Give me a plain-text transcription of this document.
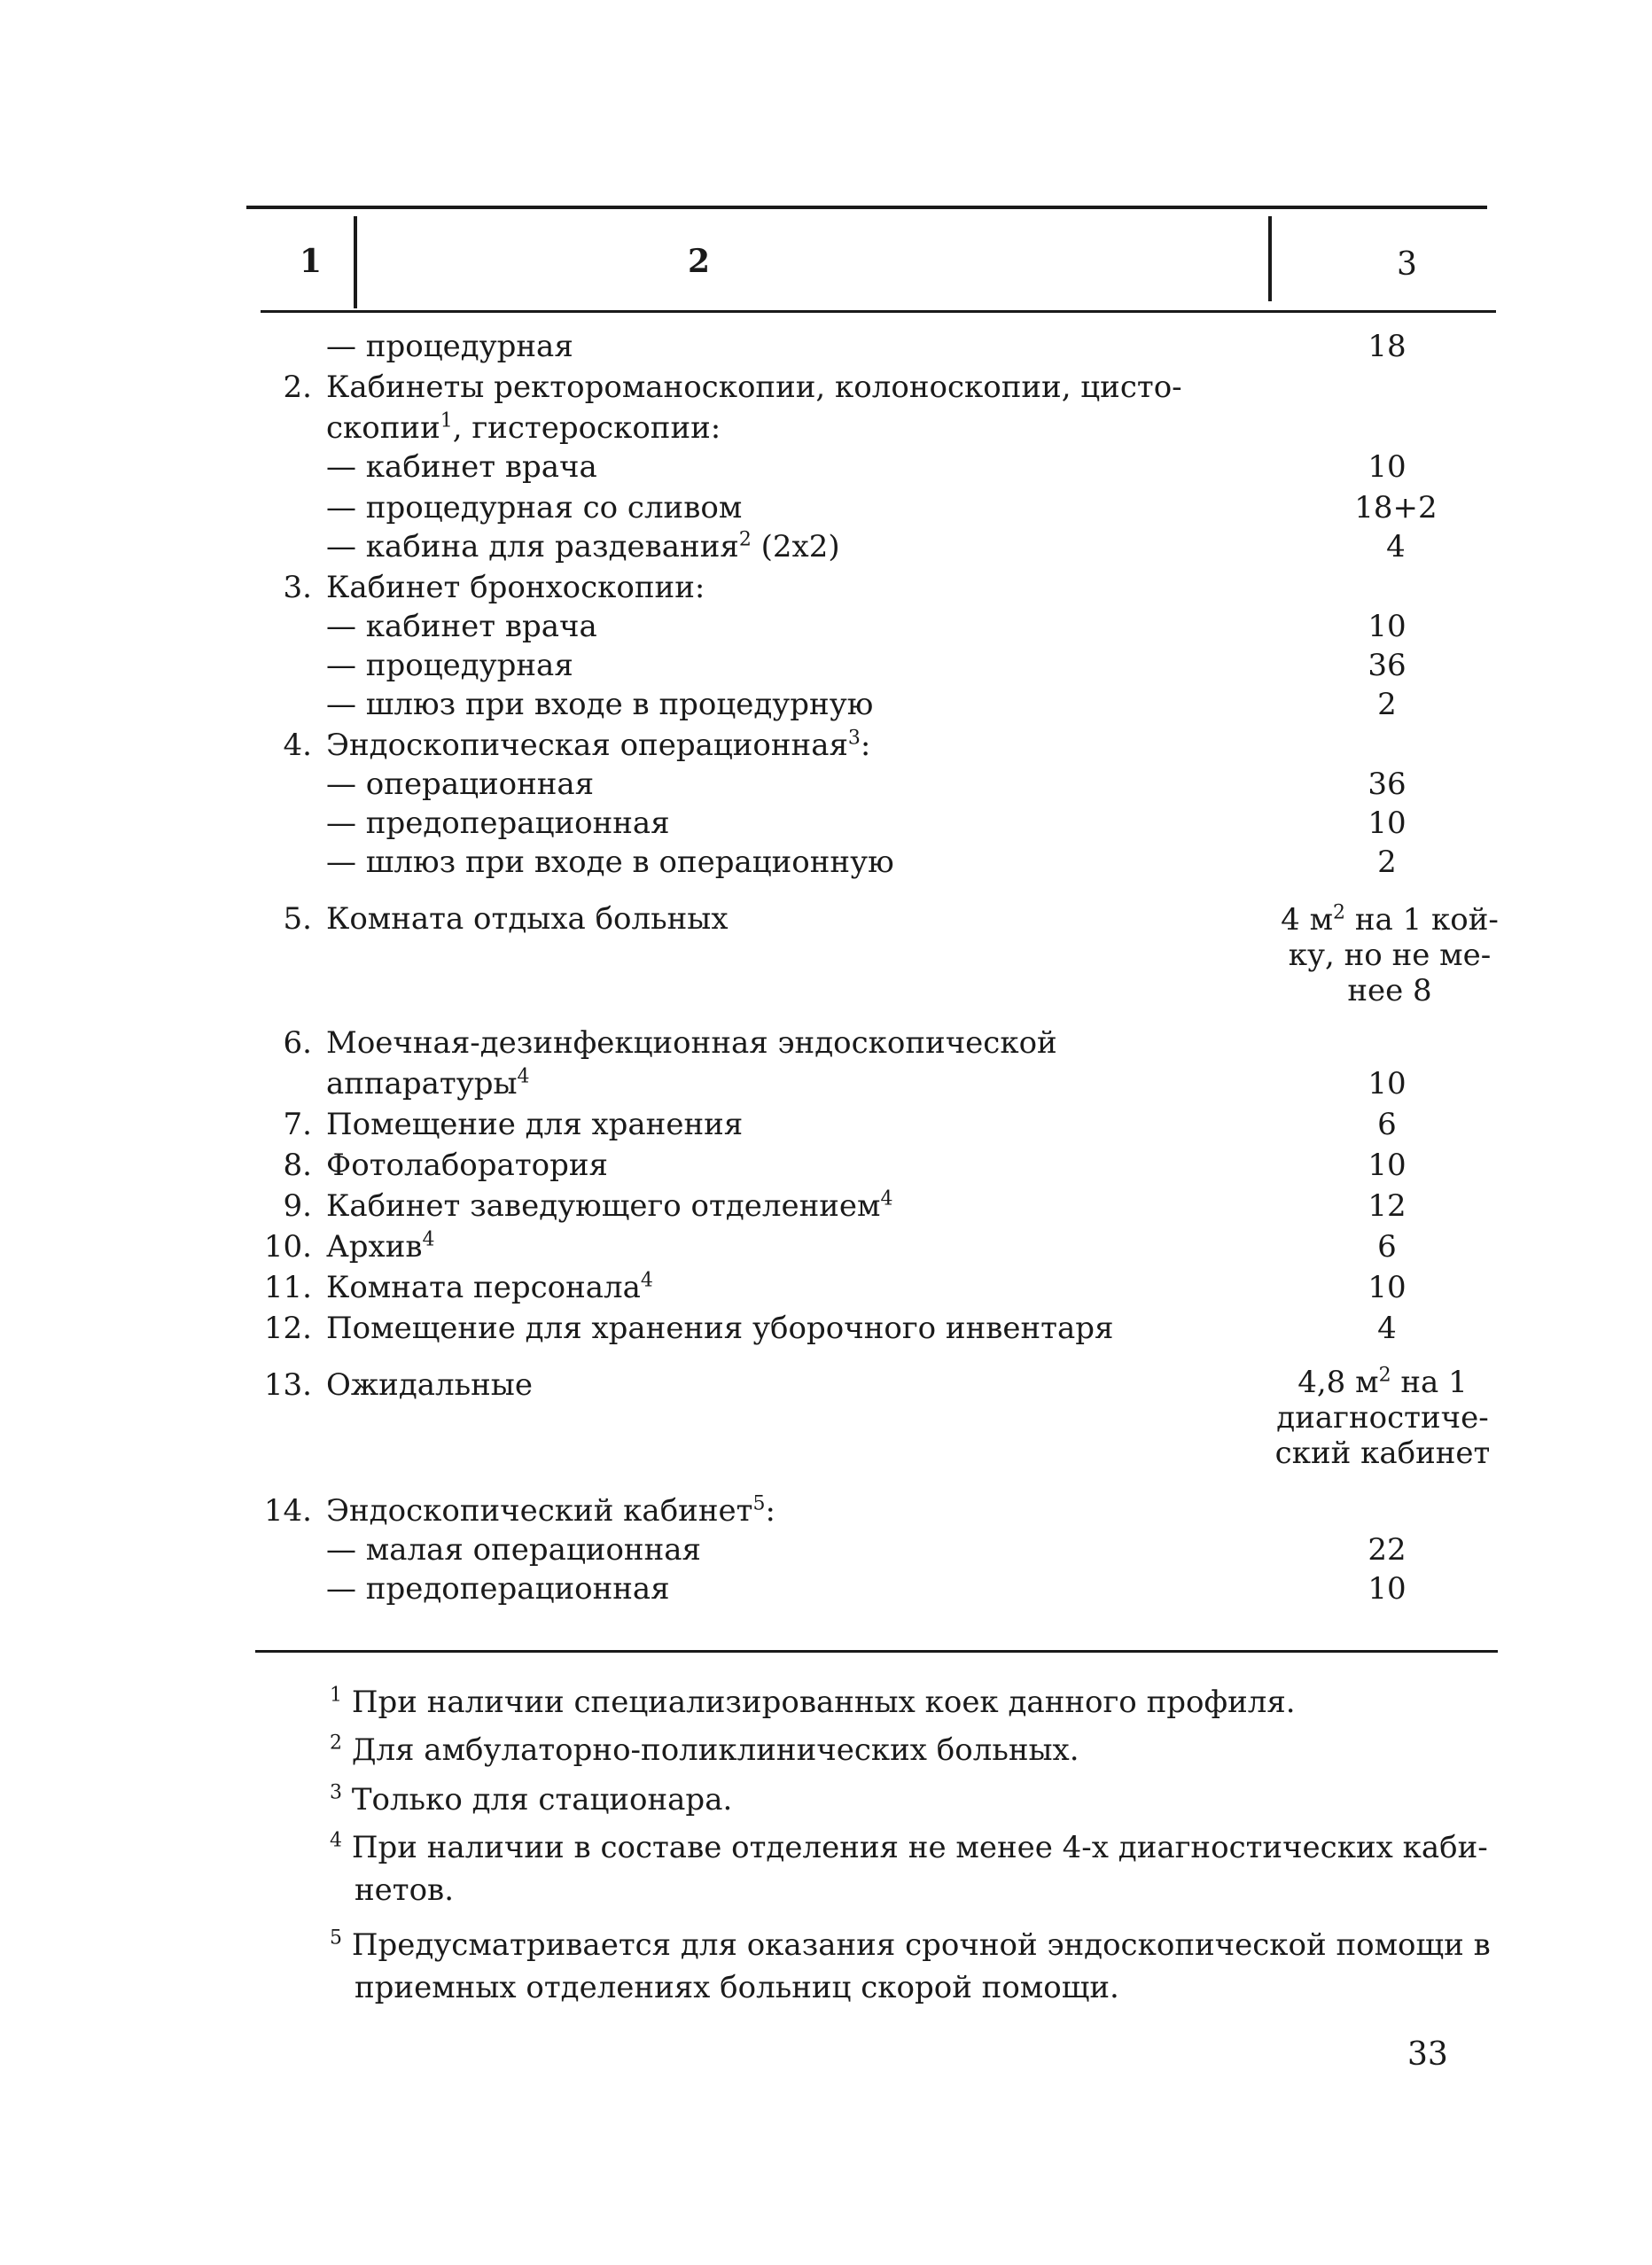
1	2	3
— процедурная	18
2. Кабинеты ректороманоскопии, колоноскопии, цисто-
скопии$^1$, гистероскопии:
— кабинет врача	10
— процедурная со сливом	18+2
— кабина для раздевания$^2$ (2x2)	4
3. Кабинет бронхоскопии:
— кабинет врача	10
— процедурная	36
— шлюз при входе в процедурную	2
4. Эндоскопическая операционная$^3$:
— операционная	36
— предоперационная	10
— шлюз при входе в операционную	2
5. Комната отдыха больных	4 $м^2$ на 1 кой-
ку, но не ме-
нее 8
6. Моечная-дезинфекционная эндоскопической
аппаратуры$^4$	10
7. Помещение для хранения	6
8. Фотолаборатория	10
9. Кабинет заведующего отделением$^4$	12
10. Архив$^4$	6
11. Комната персонала$^4$	10
12. Помещение для хранения уборочного инвентаря	4
13. Ожидальные	4,8 $м^2$ на 1
диагностиче-
ский кабинет
14. Эндоскопический кабинет$^5$:
— малая операционная	22
— предоперационная	10
$^1$ При наличии специализированных коек данного профиля.
$^2$ Для амбулаторно-поликлинических больных.
$^3$ Только для стационара.
$^4$ При наличии в составе отделения не менее 4-х диагностических каби-
нетов.
$^5$ Предусматривается для оказания срочной эндоскопической помощи в
приемных отделениях больниц скорой помощи.
33
